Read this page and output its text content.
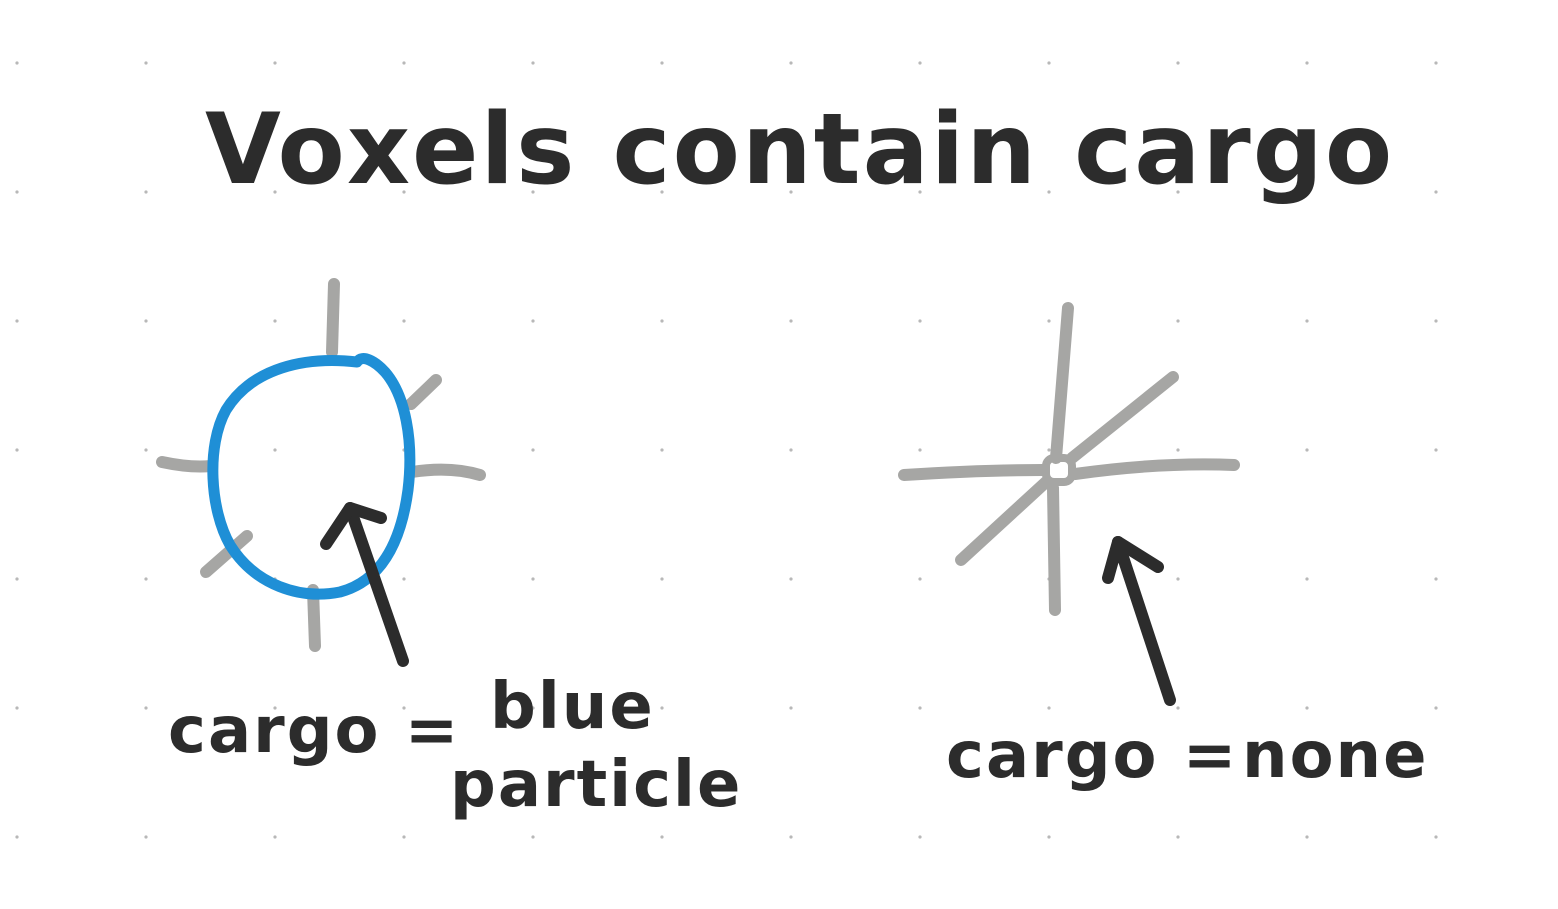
Voxels contain cargo
cargo = blue
particle	cargo = none
